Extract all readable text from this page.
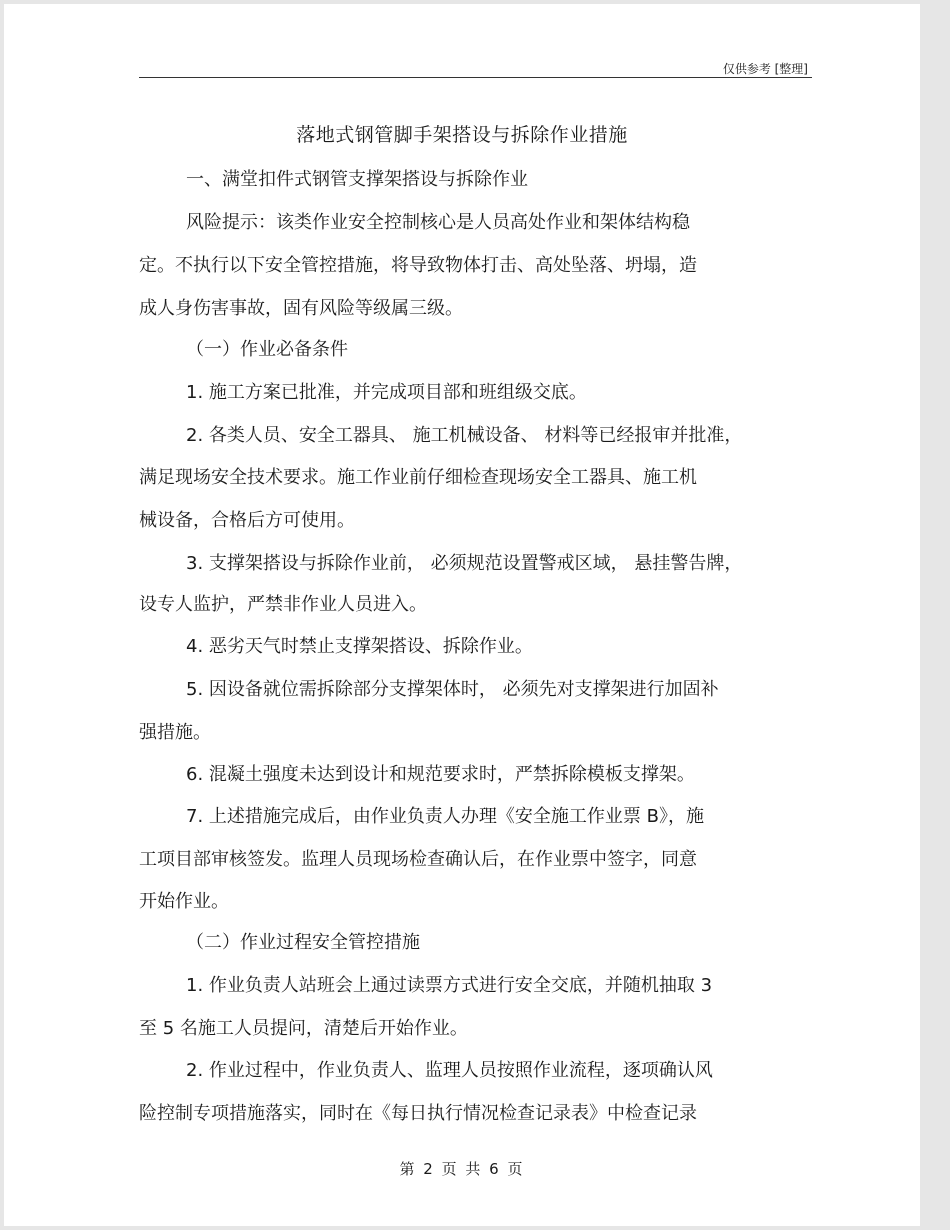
仅供参考 [整理]
落地式钢管脚手架搭设与拆除作业措施
一、满堂扣件式钢管支撑架搭设与拆除作业
风险提示：该类作业安全控制核心是人员高处作业和架体结构稳
定。不执行以下安全管控措施，将导致物体打击、高处坠落、坍塌，造
成人身伤害事故，固有风险等级属三级。
（一）作业必备条件
1. 施工方案已批准，并完成项目部和班组级交底。
2. 各类人员、安全工器具、 施工机械设备、 材料等已经报审并批准，
满足现场安全技术要求。施工作业前仔细检查现场安全工器具、施工机
械设备，合格后方可使用。
3. 支撑架搭设与拆除作业前， 必须规范设置警戒区域， 悬挂警告牌，
设专人监护，严禁非作业人员进入。
4. 恶劣天气时禁止支撑架搭设、拆除作业。
5. 因设备就位需拆除部分支撑架体时， 必须先对支撑架进行加固补
强措施。
6. 混凝土强度未达到设计和规范要求时，严禁拆除模板支撑架。
7. 上述措施完成后，由作业负责人办理《安全施工作业票 B》，施
工项目部审核签发。监理人员现场检查确认后，在作业票中签字，同意
开始作业。
（二）作业过程安全管控措施
1. 作业负责人站班会上通过读票方式进行安全交底，并随机抽取 3
至 5 名施工人员提问，清楚后开始作业。
2. 作业过程中，作业负责人、监理人员按照作业流程，逐项确认风
险控制专项措施落实，同时在《每日执行情况检查记录表》中检查记录
第 2 页 共 6 页
